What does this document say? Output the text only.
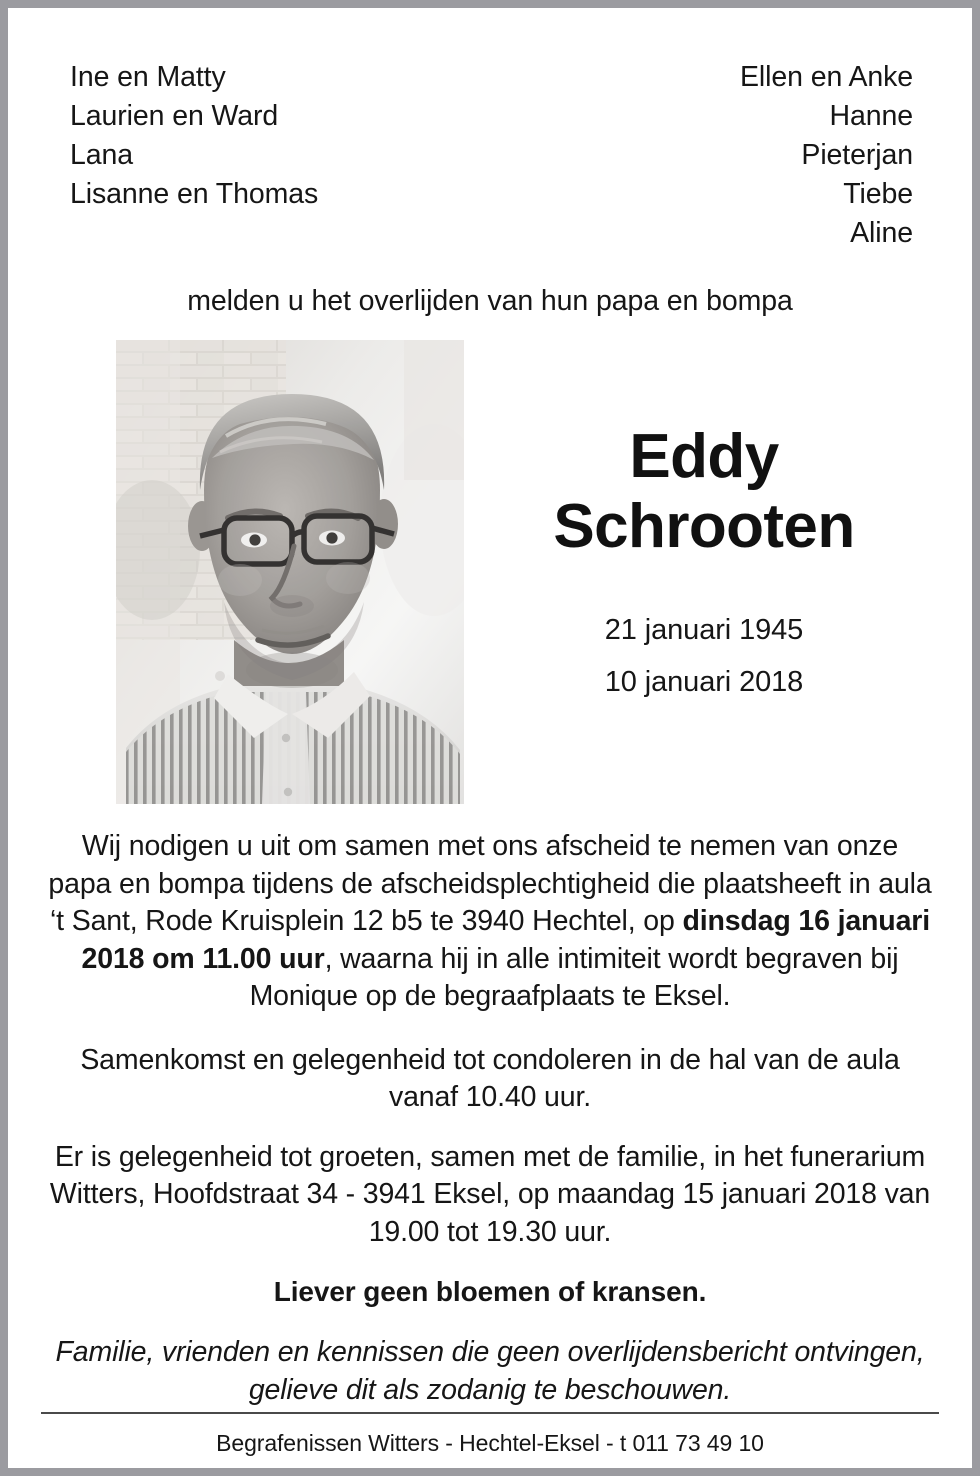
Ine en Matty
Laurien en Ward
Lana
Lisanne en Thomas
Ellen en Anke
Hanne
Pieterjan
Tiebe
Aline
melden u het overlijden van hun papa en bompa
Eddy
Schrooten
21 januari 1945
10 januari 2018

Wij nodigen u uit om samen met ons afscheid te nemen van onze papa en bompa tijdens de afscheidsplechtigheid die plaatsheeft in aula ‘t Sant, Rode Kruisplein 12 b5 te 3940 Hechtel, op dinsdag 16 januari 2018 om 11.00 uur, waarna hij in alle intimiteit wordt begraven bij Monique op de begraafplaats te Eksel.

Samenkomst en gelegenheid tot condoleren in de hal van de aula vanaf 10.40 uur.

Er is gelegenheid tot groeten, samen met de familie, in het funerarium Witters, Hoofdstraat 34 - 3941 Eksel, op maandag 15 januari 2018 van 19.00 tot 19.30 uur.

Liever geen bloemen of kransen.

Familie, vrienden en kennissen die geen overlijdensbericht ontvingen, gelieve dit als zodanig te beschouwen.

Begrafenissen Witters - Hechtel-Eksel - t 011 73 49 10
